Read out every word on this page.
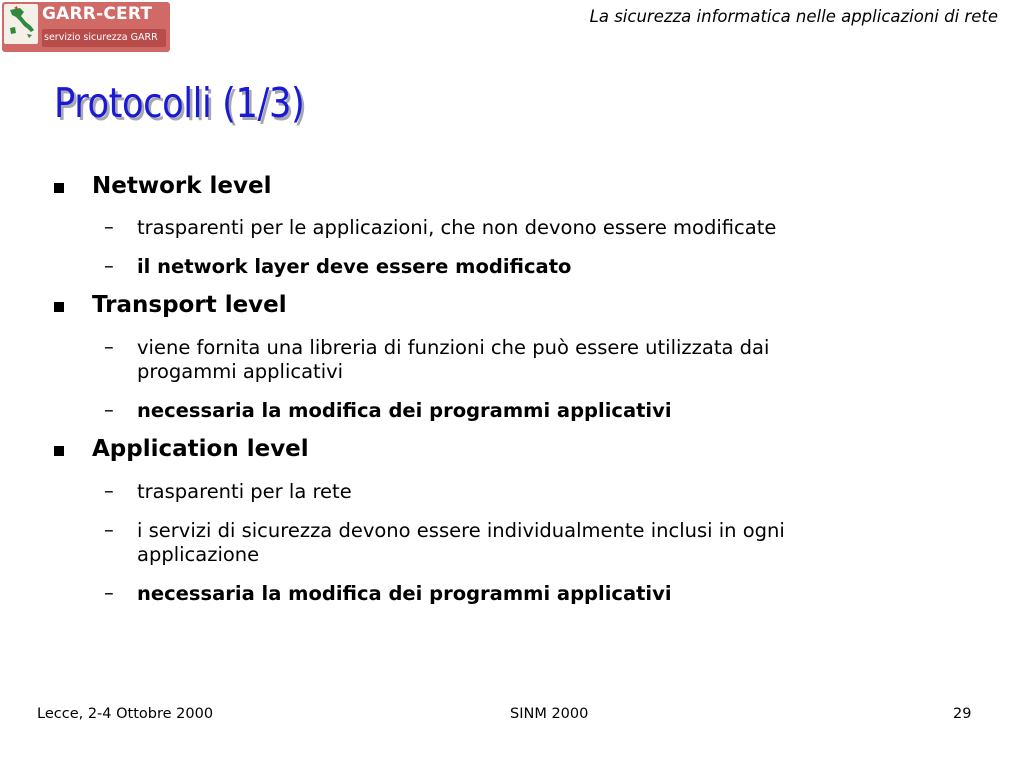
GARR-CERT
servizio sicurezza GARR
La sicurezza informatica nelle applicazioni di rete
Protocolli (1/3)
Network level
– trasparenti per le applicazioni, che non devono essere modificate
– il network layer deve essere modificato
Transport level
– viene fornita una libreria di funzioni che può essere utilizzata dai
progammi applicativi
– necessaria la modifica dei programmi applicativi
Application level
– trasparenti per la rete
– i servizi di sicurezza devono essere individualmente inclusi in ogni
applicazione
– necessaria la modifica dei programmi applicativi
Lecce, 2-4 Ottobre 2000	SINM 2000	29
